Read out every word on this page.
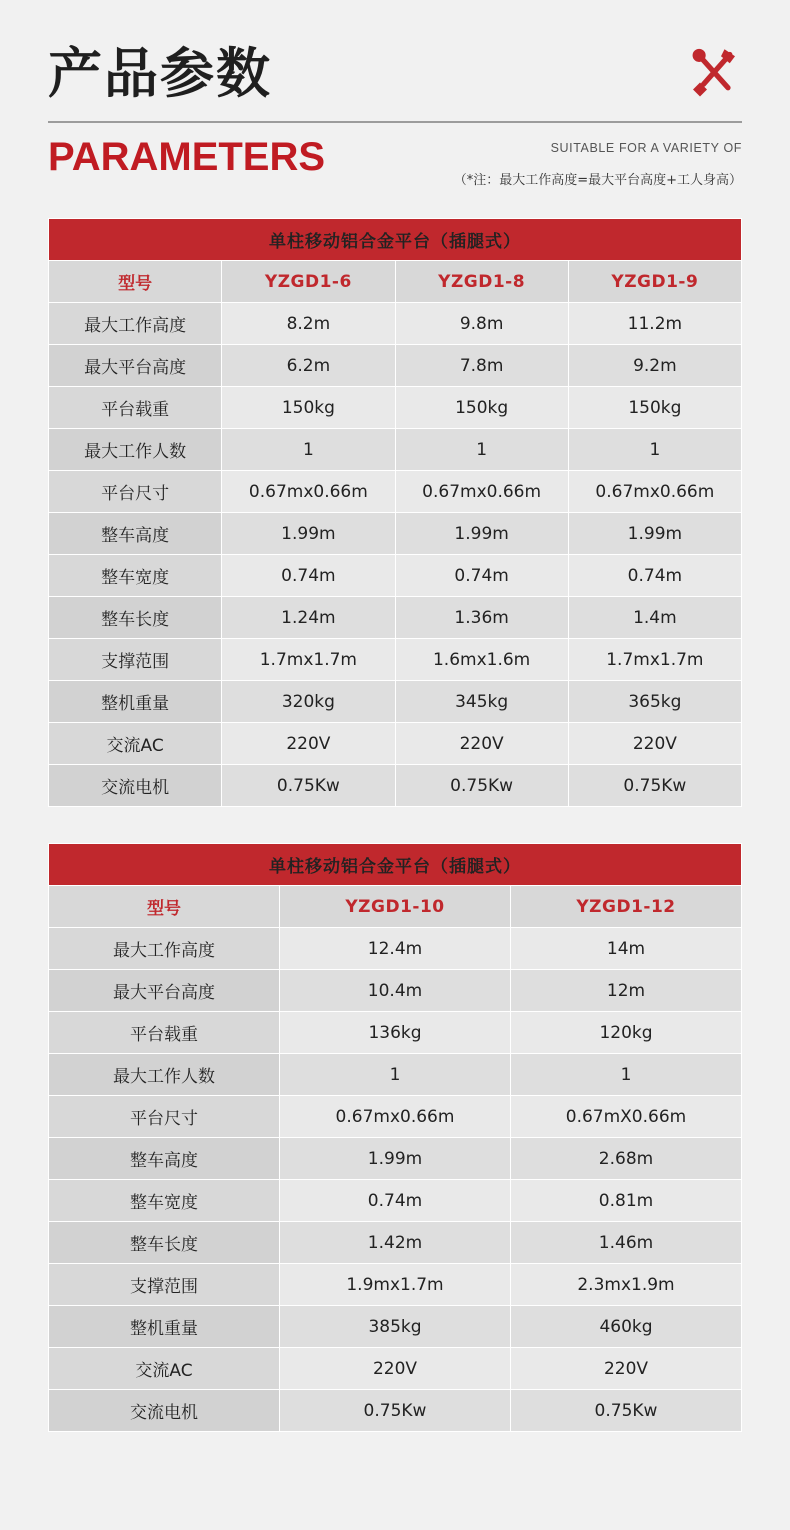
产品参数
PARAMETERS	SUITABLE FOR A VARIETY OF
（*注：最大工作高度=最大平台高度+工人身高）
单柱移动铝合金平台（插腿式）			
型号	YZGD1-6	YZGD1-8	YZGD1-9
最大工作高度	8.2m	9.8m	11.2m
最大平台高度	6.2m	7.8m	9.2m
平台载重	150kg	150kg	150kg
最大工作人数	1	1	1
平台尺寸	0.67mx0.66m	0.67mx0.66m	0.67mx0.66m
整车高度	1.99m	1.99m	1.99m
整车宽度	0.74m	0.74m	0.74m
整车长度	1.24m	1.36m	1.4m
支撑范围	1.7mx1.7m	1.6mx1.6m	1.7mx1.7m
整机重量	320kg	345kg	365kg
交流AC	220V	220V	220V
交流电机	0.75Kw	0.75Kw	0.75Kw
单柱移动铝合金平台（插腿式）		
型号	YZGD1-10	YZGD1-12
最大工作高度	12.4m	14m
最大平台高度	10.4m	12m
平台载重	136kg	120kg
最大工作人数	1	1
平台尺寸	0.67mx0.66m	0.67mX0.66m
整车高度	1.99m	2.68m
整车宽度	0.74m	0.81m
整车长度	1.42m	1.46m
支撑范围	1.9mx1.7m	2.3mx1.9m
整机重量	385kg	460kg
交流AC	220V	220V
交流电机	0.75Kw	0.75Kw
